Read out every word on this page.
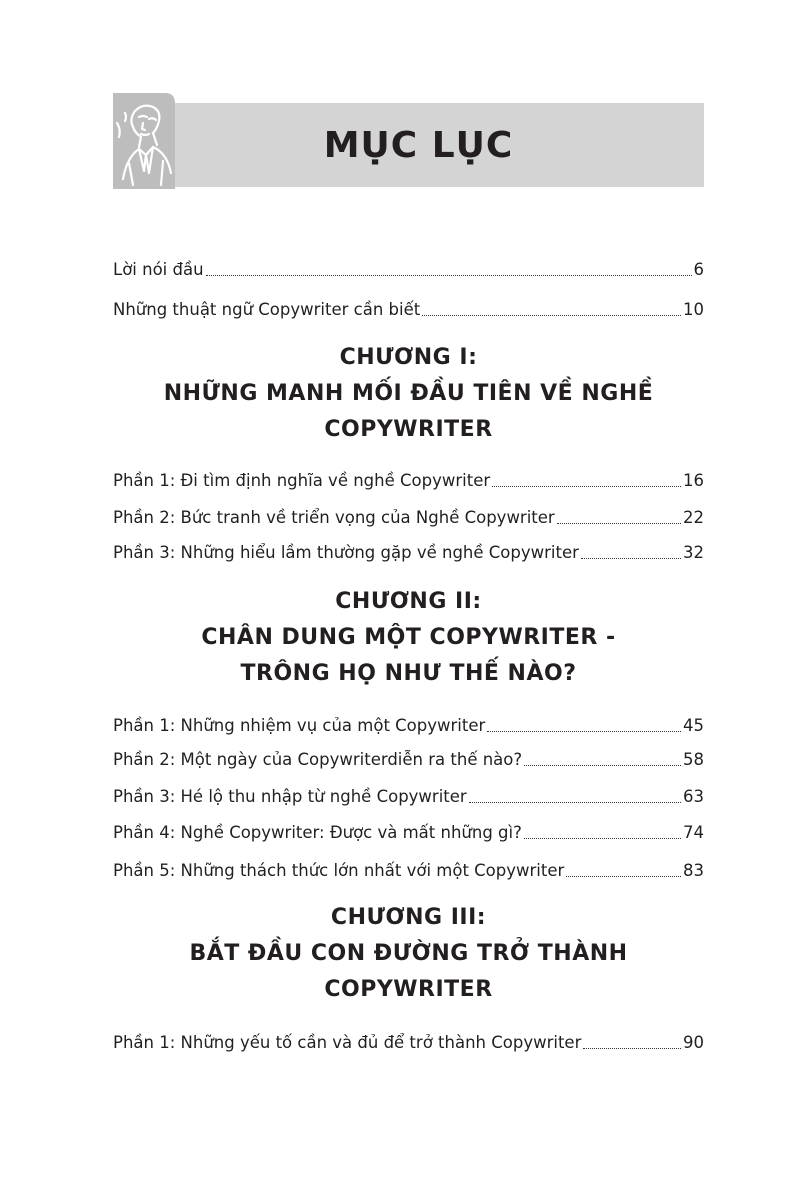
MỤC LỤC
Lời nói đầu	6
Những thuật ngữ Copywriter cần biết	10
CHƯƠNG I:
NHỮNG MANH MỐI ĐẦU TIÊN VỀ NGHỀ
COPYWRITER
Phần 1: Đi tìm định nghĩa về nghề Copywriter	16
Phần 2: Bức tranh về triển vọng của Nghề Copywriter	22
Phần 3: Những hiểu lầm thường gặp về nghề Copywriter	32
CHƯƠNG II:
CHÂN DUNG MỘT COPYWRITER -
TRÔNG HỌ NHƯ THẾ NÀO?
Phần 1: Những nhiệm vụ của một Copywriter	45
Phần 2: Một ngày của Copywriterdiễn ra thế nào?	58
Phần 3: Hé lộ thu nhập từ nghề Copywriter	63
Phần 4: Nghề Copywriter: Được và mất những gì?	74
Phần 5: Những thách thức lớn nhất với một Copywriter	83
CHƯƠNG III:
BẮT ĐẦU CON ĐƯỜNG TRỞ THÀNH
COPYWRITER
Phần 1: Những yếu tố cần và đủ để trở thành Copywriter	90
